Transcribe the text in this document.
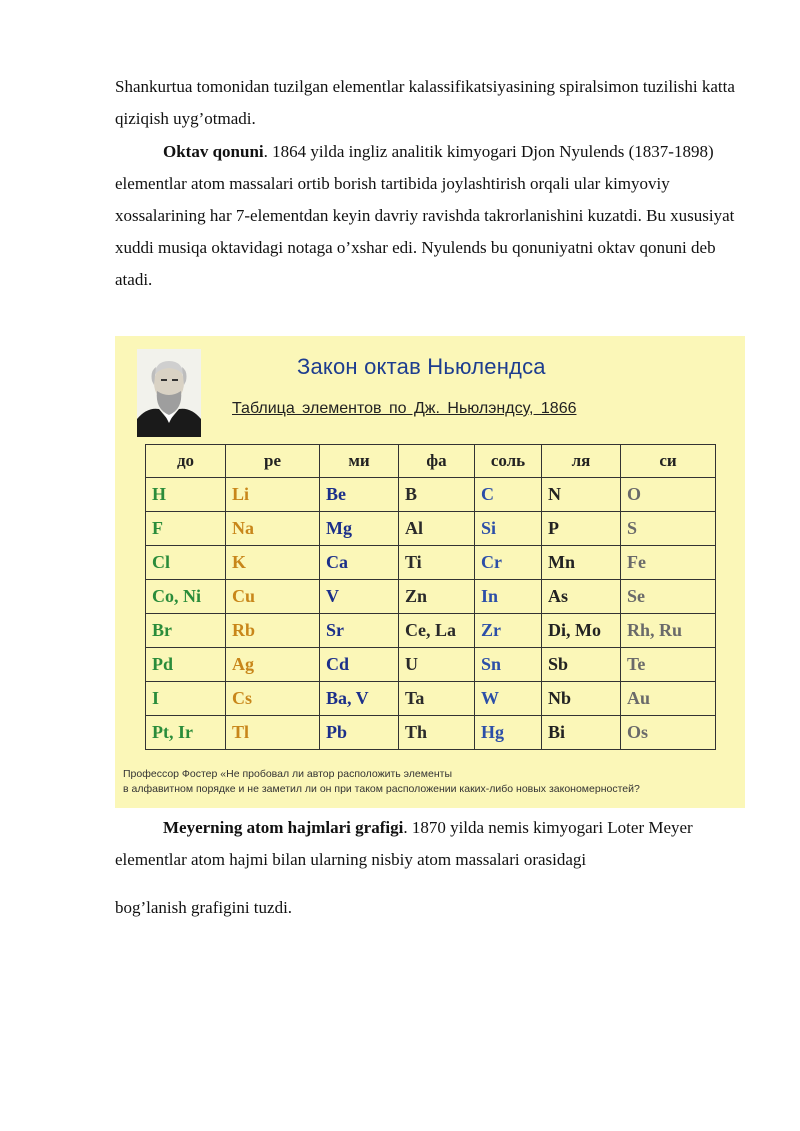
Shankurtua tomonidan tuzilgan elementlar kalassifikatsiyasining spiralsimon tuzilishi katta qiziqish uyg’otmadi.

Oktav qonuni. 1864 yilda ingliz analitik kimyogari Djon Nyulends (1837-1898) elementlar atom massalari ortib borish tartibida joylashtirish orqali ular kimyoviy xossalarining har 7-elementdan keyin davriy ravishda takrorlanishini kuzatdi. Bu xususiyat xuddi musiqa oktavidagi notaga o’xshar edi. Nyulends bu qonuniyatni oktav qonuni deb atadi.

Закон октав Ньюлендса
Таблица элементов по Дж. Ньюлэндсу, 1866
до	ре	ми	фа	соль	ля	си
H	Li	Be	B	C	N	O
F	Na	Mg	Al	Si	P	S
Cl	K	Ca	Ti	Cr	Mn	Fe
Co, Ni	Cu	V	Zn	In	As	Se
Br	Rb	Sr	Ce, La	Zr	Di, Mo	Rh, Ru
Pd	Ag	Cd	U	Sn	Sb	Te
I	Cs	Ba, V	Ta	W	Nb	Au
Pt, Ir	Tl	Pb	Th	Hg	Bi	Os
Профессор Фостер «Не пробовал ли автор расположить элементы
в алфавитном порядке и не заметил ли он при таком расположении каких-либо новых закономерностей?

Meyerning atom hajmlari grafigi. 1870 yilda nemis kimyogari Loter Meyer elementlar atom hajmi bilan ularning nisbiy atom massalari orasidagi

bog’lanish grafigini tuzdi.
